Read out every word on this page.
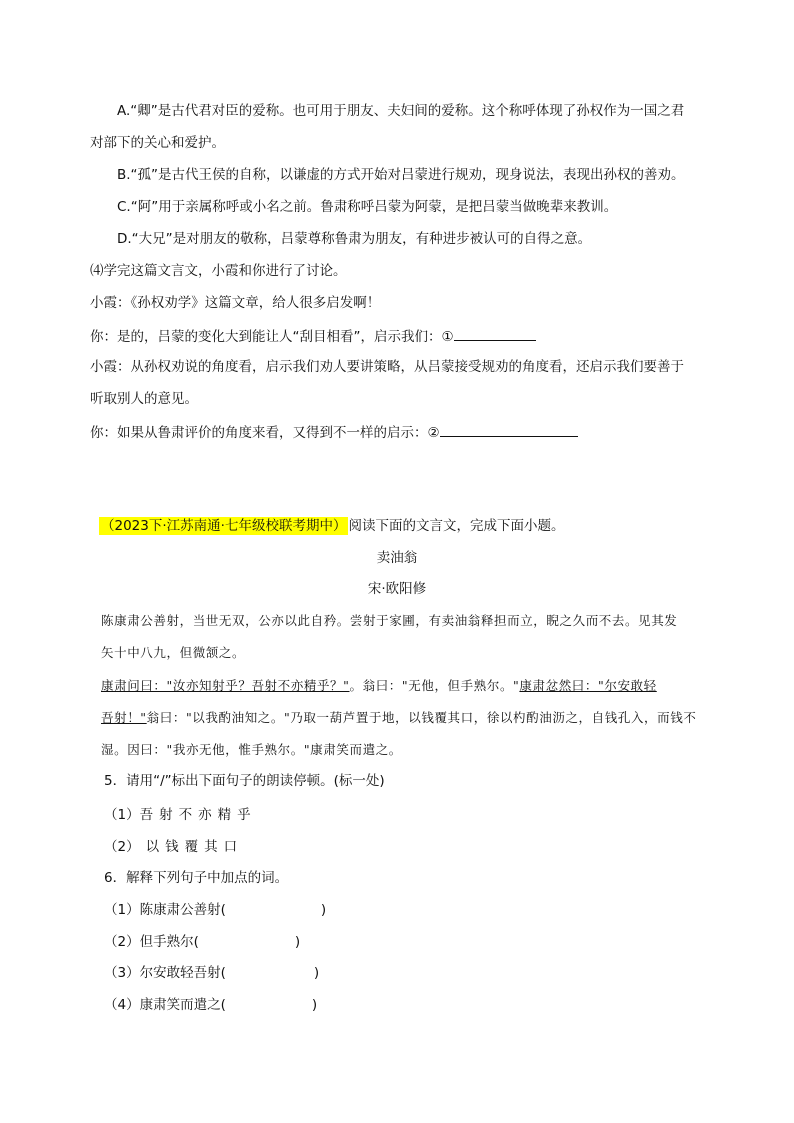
A.“卿”是古代君对臣的爱称。也可用于朋友、夫妇间的爱称。这个称呼体现了孙权作为一国之君
对部下的关心和爱护。
B.“孤”是古代王侯的自称，以谦虚的方式开始对吕蒙进行规劝，现身说法，表现出孙权的善劝。
C.“阿”用于亲属称呼或小名之前。鲁肃称呼吕蒙为阿蒙，是把吕蒙当做晚辈来教训。
D.“大兄”是对朋友的敬称，吕蒙尊称鲁肃为朋友，有种进步被认可的自得之意。
⑷学完这篇文言文，小霞和你进行了讨论。
小霞：《孙权劝学》这篇文章，给人很多启发啊！
你：是的，吕蒙的变化大到能让人“刮目相看”，启示我们：①
小霞：从孙权劝说的角度看，启示我们劝人要讲策略，从吕蒙接受规劝的角度看，还启示我们要善于
听取别人的意见。
你：如果从鲁肃评价的角度来看，又得到不一样的启示：②
（2023下·江苏南通·七年级校联考期中） 阅读下面的文言文，完成下面小题。
卖油翁
宋·欧阳修
陈康肃公善射，当世无双，公亦以此自矜。尝射于家圃，有卖油翁释担而立，睨之久而不去。见其发
矢十中八九，但微颔之。
康肃问曰："汝亦知射乎？吾射不亦精乎？"。翁曰："无他，但手熟尔。"康肃忿然曰："尔安敢轻
吾射！"翁曰："以我酌油知之。"乃取一葫芦置于地，以钱覆其口，徐以杓酌油沥之，自钱孔入，而钱不
湿。因曰："我亦无他，惟手熟尔。"康肃笑而遣之。
5．请用“/”标出下面句子的朗读停顿。(标一处)
（1）吾射不亦精乎
（2） 以钱覆其口
6．解释下列句子中加点的词。
（1）陈康肃公善射(	)
（2）但手熟尔(	)
（3）尔安敢轻吾射(	)
（4）康肃笑而遣之(	)
